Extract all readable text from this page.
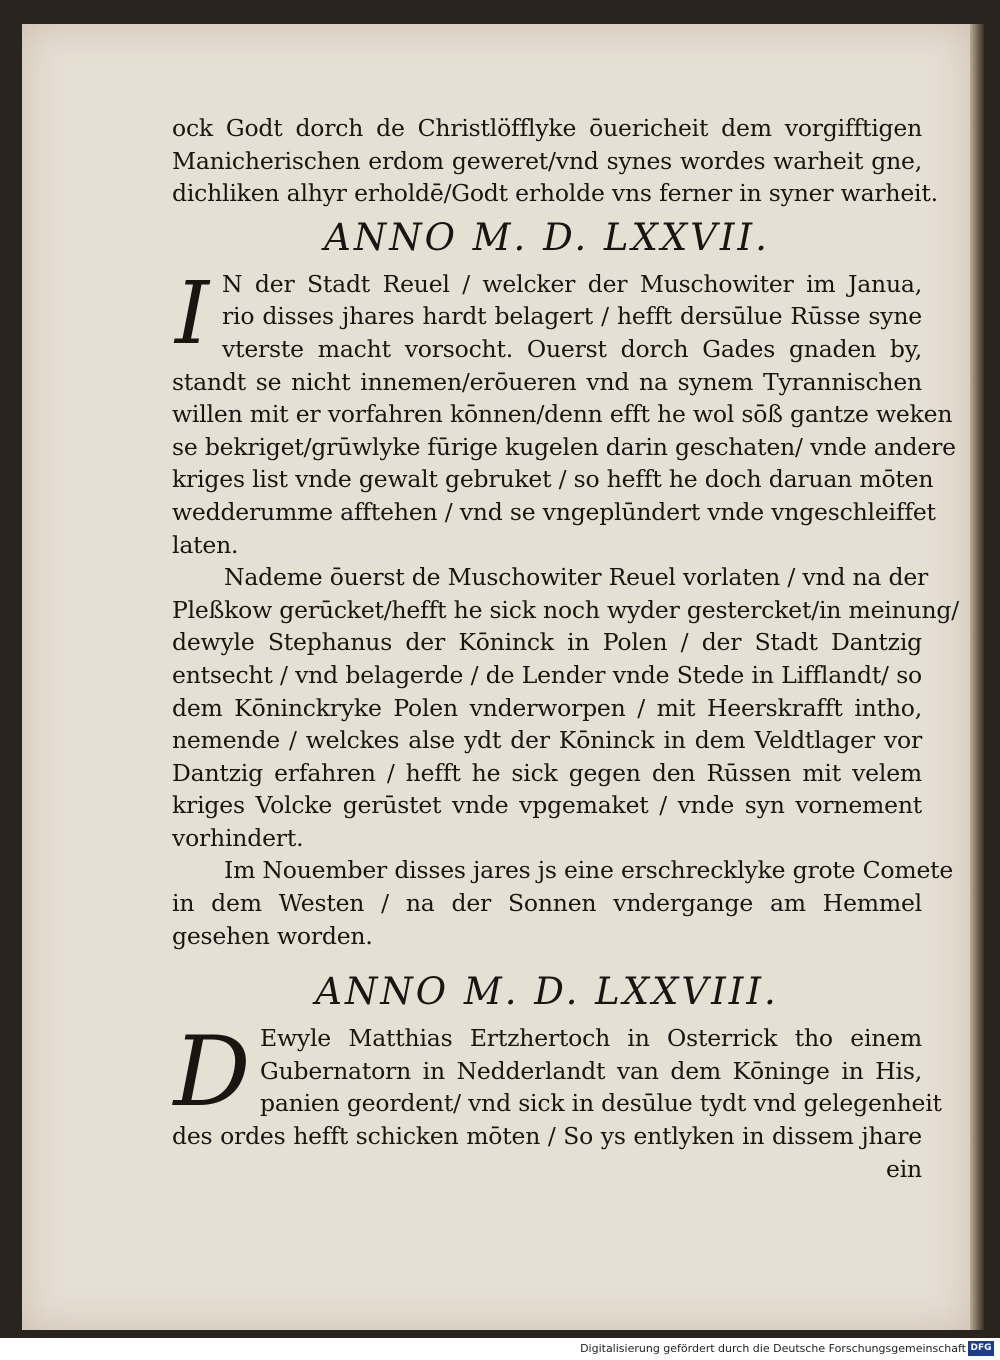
ock Godt dorch de Christlöfflyke ōuericheit dem vorgifftigen
Manicherischen erdom geweret/vnd synes wordes warheit gne,
dichliken alhyr erholdē/Godt erholde vns ferner in syner warheit.
ANNO M. D. LXXVII.
I N der Stadt Reuel / welcker der Muschowiter im Janua,
rio disses jhares hardt belagert / hefft dersūlue Rūsse syne
vterste macht vorsocht. Ouerst dorch Gades gnaden by,
standt se nicht innemen/erōueren vnd na synem Tyrannischen
willen mit er vorfahren kōnnen/denn efft he wol sōß gantze weken
se bekriget/grūwlyke fūrige kugelen darin geschaten/ vnde andere
kriges list vnde gewalt gebruket / so hefft he doch daruan mōten
wedderumme afftehen / vnd se vngeplūndert vnde vngeschleiffet
laten.
Nademe ōuerst de Muschowiter Reuel vorlaten / vnd na der
Pleßkow gerūcket/hefft he sick noch wyder gestercket/in meinung/
dewyle Stephanus der Kōninck in Polen / der Stadt Dantzig
entsecht / vnd belagerde / de Lender vnde Stede in Lifflandt/ so
dem Kōninckryke Polen vnderworpen / mit Heerskrafft intho,
nemende / welckes alse ydt der Kōninck in dem Veldtlager vor
Dantzig erfahren / hefft he sick gegen den Rūssen mit velem
kriges Volcke gerūstet vnde vpgemaket / vnde syn vornement
vorhindert.
Im Nouember disses jares js eine erschrecklyke grote Comete
in dem Westen / na der Sonnen vndergange am Hemmel
gesehen worden.
ANNO M. D. LXXVIII.
D Ewyle Matthias Ertzhertoch in Osterrick tho einem
Gubernatorn in Nedderlandt van dem Kōninge in His,
panien geordent/ vnd sick in desūlue tydt vnd gelegenheit
des ordes hefft schicken mōten / So ys entlyken in dissem jhare
ein
Digitalisierung gefördert durch die Deutsche Forschungsgemeinschaft DFG
